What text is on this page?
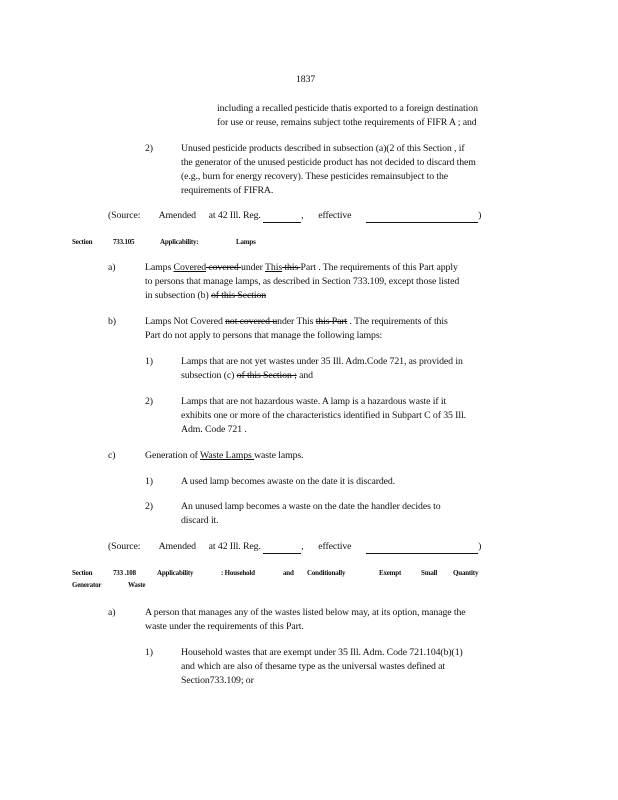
1837
including a recalled pesticide thatis exported to a foreign destination
for use or reuse, remains subject tothe requirements of FIFR A ; and
2)	Unused pesticide products described in subsection (a)(2 of this Section , if
the generator of the unused pesticide product has not decided to discard them
(e.g., burn for energy recovery). These pesticides remainsubject to the
requirements of FIFRA.
(Source: Amended at 42 Ill. Reg.	, effective	)
Section	733.105	Applicability:	Lamps
a)	Lamps Covered covered under This this Part . The requirements of this Part apply
to persons that manage lamps, as described in Section 733.109, except those listed
in subsection (b) of this Section
b)	Lamps Not Covered not covered under This this Part . The requirements of this
Part do not apply to persons that manage the following lamps:
1)	Lamps that are not yet wastes under 35 Ill. Adm.Code 721, as provided in
subsection (c) of this Section ; and
2)	Lamps that are not hazardous waste. A lamp is a hazardous waste if it
exhibits one or more of the characteristics identified in Subpart C of 35 Ill.
Adm. Code 721 .
c)	Generation of Waste Lamps waste lamps.
1)	A used lamp becomes awaste on the date it is discarded.
2)	An unused lamp becomes a waste on the date the handler decides to
discard it.
(Source: Amended at 42 Ill. Reg.	, effective	)
Section	733 .108	Applicability	: Household	and Conditionally	Exempt	Small Quantity
Generator	Waste
a)	A person that manages any of the wastes listed below may, at its option, manage the
waste under the requirements of this Part.
1)	Household wastes that are exempt under 35 Ill. Adm. Code 721.104(b)(1)
and which are also of thesame type as the universal wastes defined at
Section733.109; or
